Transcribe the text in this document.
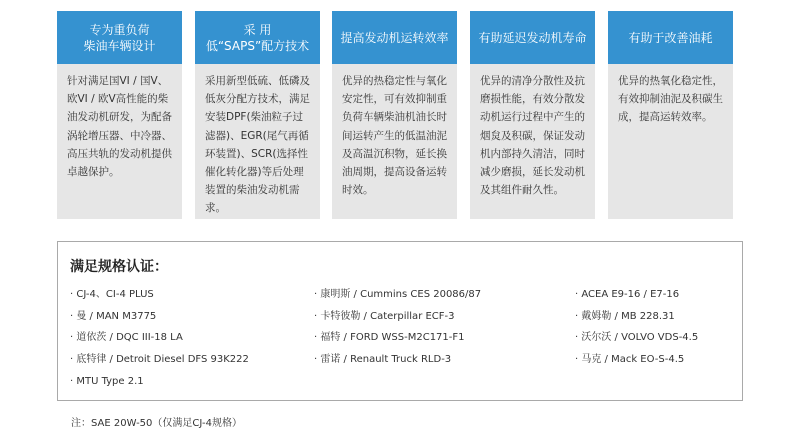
专为重负荷
柴油车辆设计
针对满足国VI / 国V、欧VI / 欧V高性能的柴油发动机研发，为配备涡轮增压器、中冷器、高压共轨的发动机提供卓越保护。
采 用
低“SAPS”配方技术
采用新型低硫、低磷及低灰分配方技术，满足安装DPF(柴油粒子过滤器)、EGR(尾气再循环装置)、SCR(选择性催化转化器)等后处理装置的柴油发动机需求。
提高发动机运转效率
优异的热稳定性与氧化安定性，可有效抑制重负荷车辆柴油机油长时间运转产生的低温油泥及高温沉积物，延长换油周期，提高设备运转时效。
有助延迟发动机寿命
优异的清净分散性及抗磨损性能，有效分散发动机运行过程中产生的烟炱及积碳，保证发动机内部持久清洁，同时减少磨损，延长发动机及其组件耐久性。
有助于改善油耗
优异的热氧化稳定性，有效抑制油泥及积碳生成，提高运转效率。
满足规格认证：
· CJ-4、CI-4 PLUS
· 曼 / MAN M3775
· 道依茨 / DQC III-18 LA
· 底特律 / Detroit Diesel DFS 93K222
· MTU Type 2.1
· 康明斯 / Cummins CES 20086/87
· 卡特彼勒 / Caterpillar ECF-3
· 福特 / FORD WSS-M2C171-F1
· 雷诺 / Renault Truck RLD-3
· ACEA E9-16 / E7-16
· 戴姆勒 / MB 228.31
· 沃尔沃 / VOLVO VDS-4.5
· 马克 / Mack EO-S-4.5
注：SAE 20W-50（仅满足CJ-4规格）
